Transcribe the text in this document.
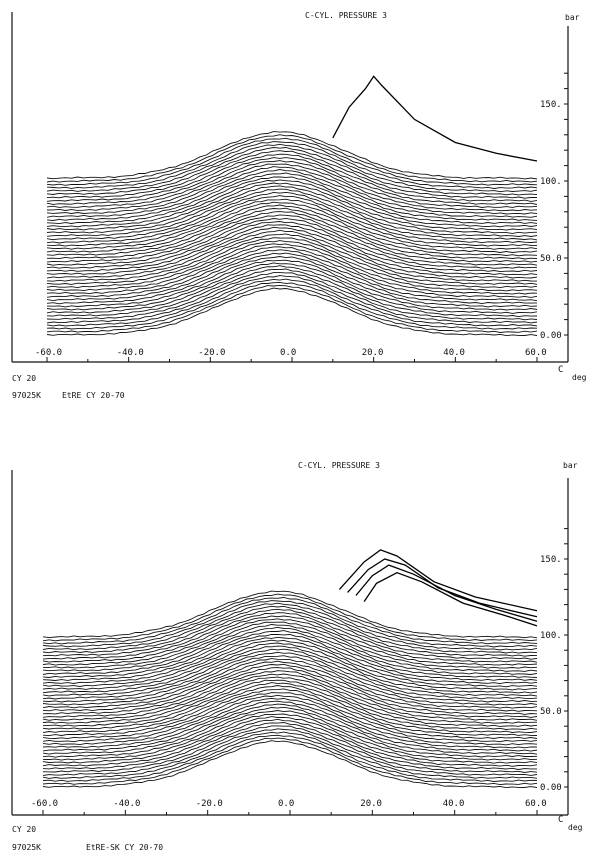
C-CYL. PRESSURE 3	bar
0.00
50.0
100.
150.
-60.0	-40.0	-20.0	0.0	20.0	40.0	60.0
C
deg
CY 20
97025K	EtRE CY 20-70
C-CYL. PRESSURE 3	bar
0.00
50.0
100.
150.
-60.0	-40.0	-20.0	0.0	20.0	40.0	60.0
C
deg
CY 20
97025K	EtRE-SK CY 20-70
